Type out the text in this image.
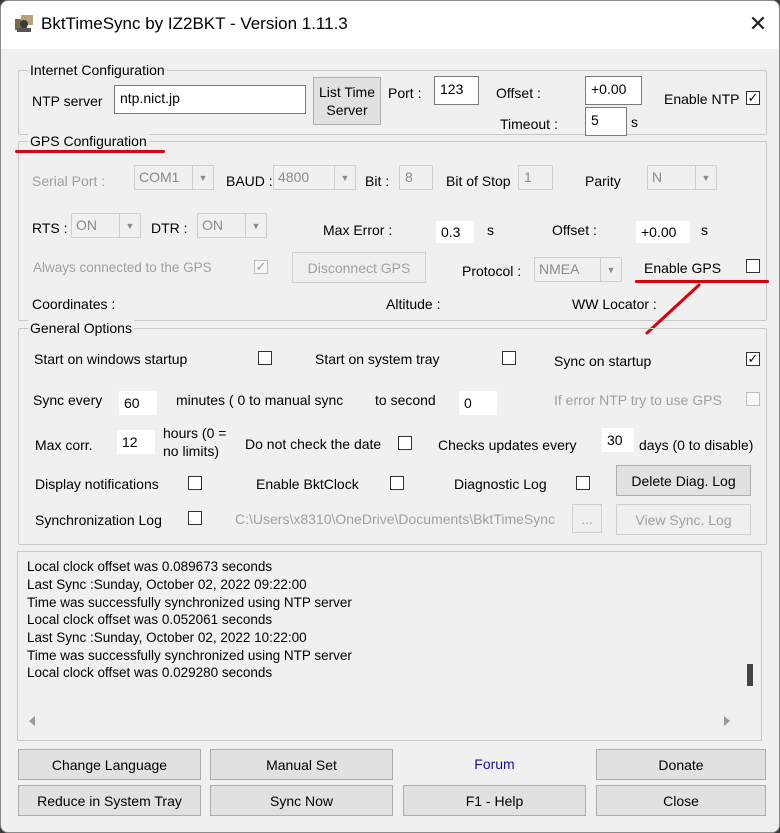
BktTimeSync by IZ2BKT - Version 1.11.3	✕
Internet Configuration
NTP server	ntp.nict.jp	List Time
Server
Port :	123	Offset :	+0.00
Timeout :	5	s
Enable NTP ✓
GPS Configuration
Serial Port :	COM1	▼	BAUD : 4800	▼	Bit :	8	Bit of Stop 1	Parity	N	▼
RTS : ON	▼	DTR :	ON	▼	Max Error :	0.3	s	Offset :	+0.00	s
Always connected to the GPS	✓	Disconnect GPS	Protocol :	NMEA	▼	Enable GPS
Coordinates :	Altitude :	WW Locator :
General Options
Start on windows startup	Start on system tray	Sync on startup	✓
Sync every	60	minutes ( 0 to manual sync to second	0	If error NTP try to use GPS
Max corr.	12
hours (0 =
no limits)	Do not check the date	Checks updates every	30	days (0 to disable)
Display notifications	Enable BktClock	Diagnostic Log	Delete Diag. Log
Synchronization Log	C:\Users\x8310\OneDrive\Documents\BktTimeSync	...	View Sync. Log
Local clock offset was 0.089673 seconds
Last Sync :Sunday, October 02, 2022 09:22:00
Time was successfully synchronized using NTP server
Local clock offset was 0.052061 seconds
Last Sync :Sunday, October 02, 2022 10:22:00
Time was successfully synchronized using NTP server
Local clock offset was 0.029280 seconds
Change Language	Manual Set	Forum	Donate
Reduce in System Tray	Sync Now	F1 - Help	Close
